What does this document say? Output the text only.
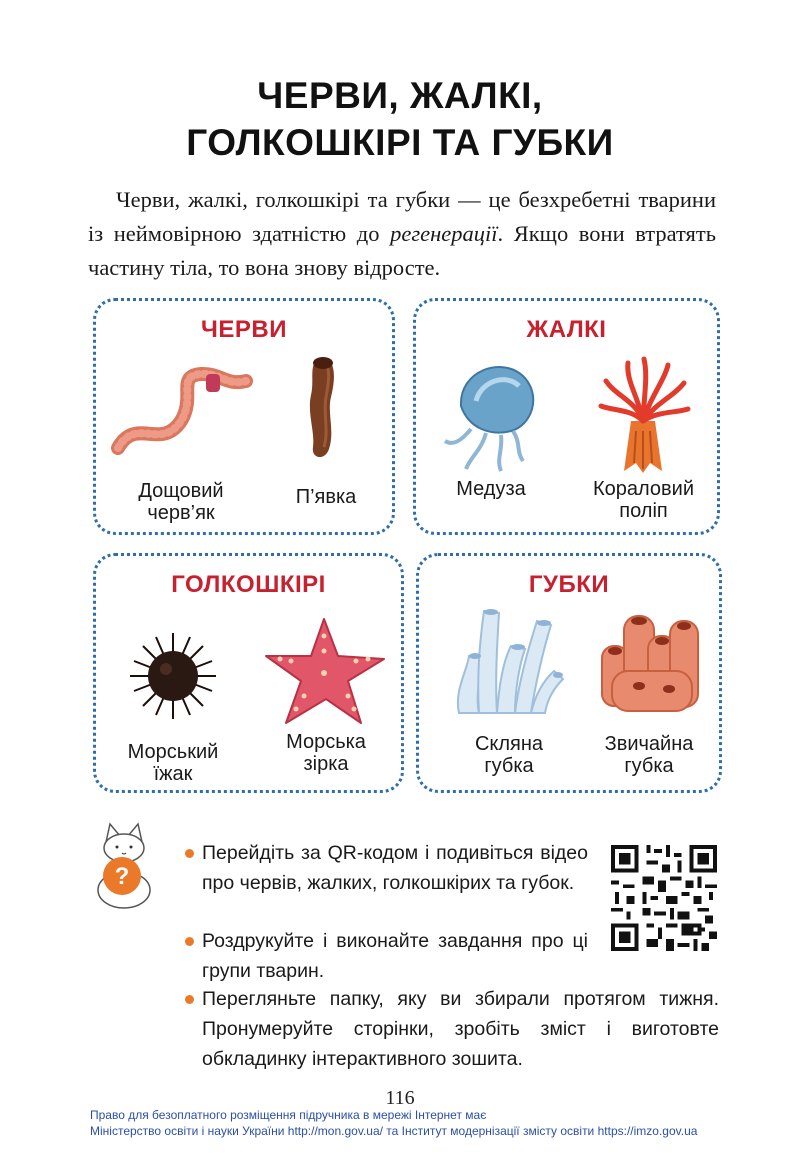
ЧЕРВИ, ЖАЛКІ,
ГОЛКОШКІРІ ТА ГУБКИ

Черви, жалкі, голкошкірі та губки — це безхребетні тварини із неймовірною здатністю до регенерації. Якщо вони втратять частину тіла, то вона знову відросте.

ЧЕРВИ
Дощовий
черв’як
П’явка
ЖАЛКІ
Медуза	Кораловий
поліп
ГОЛКОШКІРІ
Морський
їжак
Морська
зірка
ГУБКИ
Скляна
губка
Звичайна
губка
?
Перейдіть за QR-кодом і подивіться відео про червів, жалких, голкошкірих та губок.
Роздрукуйте і виконайте завдання про ці групи тварин.
Перегляньте папку, яку ви збирали протягом тижня. Пронумеруйте сторінки, зробіть зміст і виготовте обкладинку інтерактивного зошита.
116
Право для безоплатного розміщення підручника в мережі Інтернет має
Міністерство освіти і науки України http://mon.gov.ua/ та Інститут модернізації змісту освіти https://imzo.gov.ua
